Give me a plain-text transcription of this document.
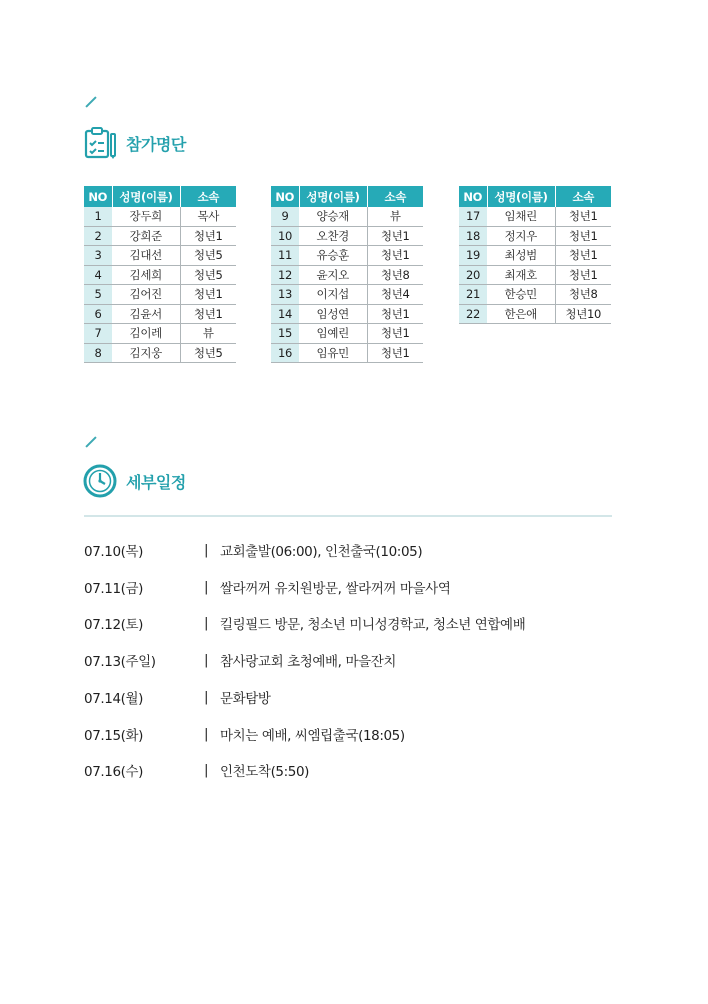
참가명단
NO	성명(이름)	소속
1	장두희	목사
2	강희준	청년1
3	김대선	청년5
4	김세희	청년5
5	김어진	청년1
6	김윤서	청년1
7	김이레	뷰
8	김지웅	청년5
NO	성명(이름)	소속
9	양승재	뷰
10	오찬경	청년1
11	유승훈	청년1
12	윤지오	청년8
13	이지섭	청년4
14	임성연	청년1
15	임예린	청년1
16	임유민	청년1
NO	성명(이름)	소속
17	임채린	청년1
18	정지우	청년1
19	최성범	청년1
20	최재호	청년1
21	한승민	청년8
22	한은애	청년10
세부일정
07.10(목)	| 교회출발(06:00), 인천출국(10:05)
07.11(금)	| 쌀라꺼꺼 유치원방문, 쌀라꺼꺼 마을사역
07.12(토)	| 킬링필드 방문, 청소년 미니성경학교, 청소년 연합예배
07.13(주일)	| 참사랑교회 초청예배, 마을잔치
07.14(월)	| 문화탐방
07.15(화)	| 마치는 예배, 씨엠립출국(18:05)
07.16(수)	| 인천도착(5:50)
